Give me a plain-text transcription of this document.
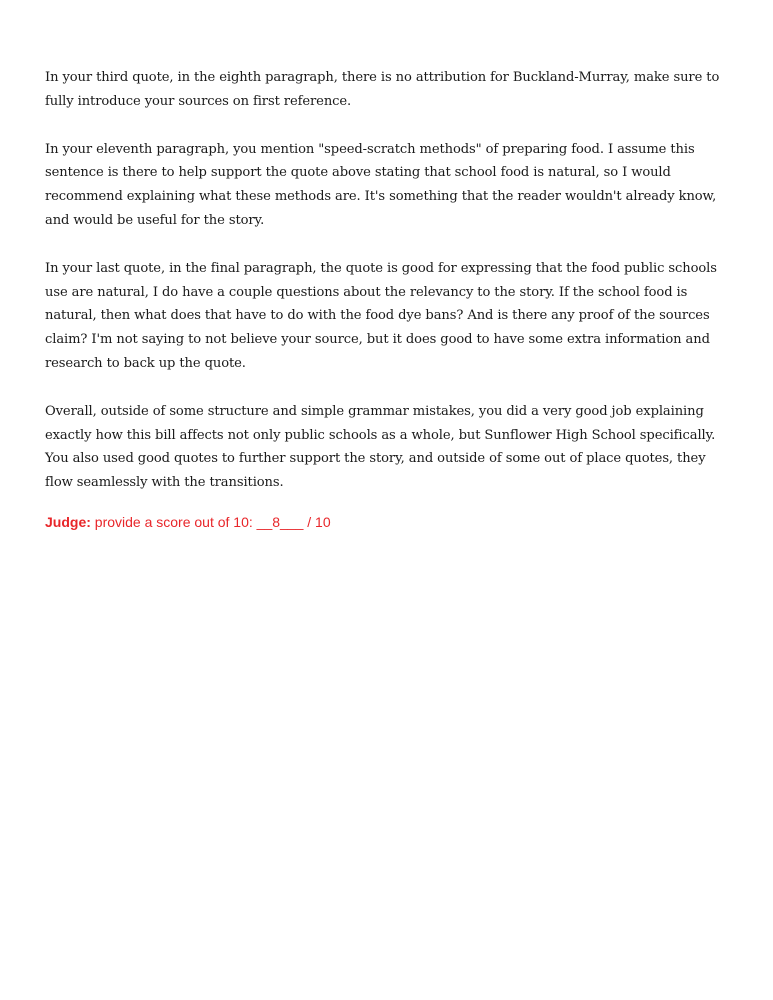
In your third quote, in the eighth paragraph, there is no attribution for Buckland-Murray, make sure to fully introduce your sources on first reference.

In your eleventh paragraph, you mention "speed-scratch methods" of preparing food. I assume this sentence is there to help support the quote above stating that school food is natural, so I would recommend explaining what these methods are. It's something that the reader wouldn't already know, and would be useful for the story.

In your last quote, in the final paragraph, the quote is good for expressing that the food public schools use are natural, I do have a couple questions about the relevancy to the story. If the school food is natural, then what does that have to do with the food dye bans? And is there any proof of the sources claim? I'm not saying to not believe your source, but it does good to have some extra information and research to back up the quote.

Overall, outside of some structure and simple grammar mistakes, you did a very good job explaining exactly how this bill affects not only public schools as a whole, but Sunflower High School specifically. You also used good quotes to further support the story, and outside of some out of place quotes, they flow seamlessly with the transitions.

Judge: provide a score out of 10: __8___ / 10
